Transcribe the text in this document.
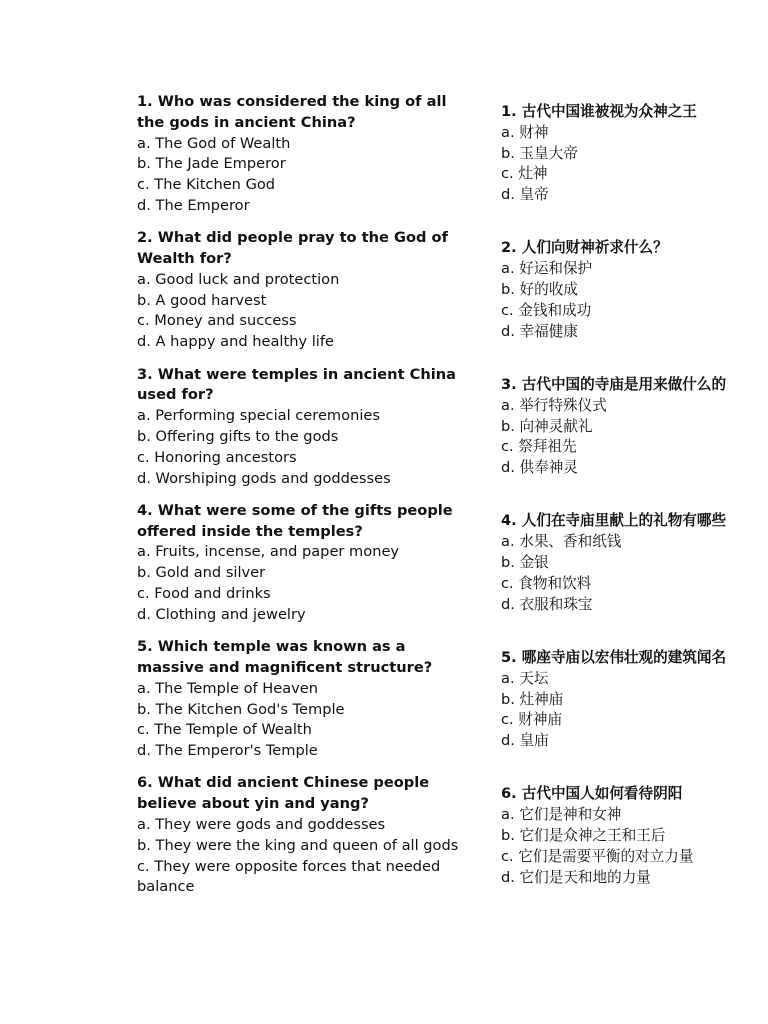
1. Who was considered the king of all the gods in ancient China?
a. The God of Wealth
b. The Jade Emperor
c. The Kitchen God
d. The Emperor
2. What did people pray to the God of Wealth for?
a. Good luck and protection
b. A good harvest
c. Money and success
d. A happy and healthy life
3. What were temples in ancient China used for?
a. Performing special ceremonies
b. Offering gifts to the gods
c. Honoring ancestors
d. Worshiping gods and goddesses
4. What were some of the gifts people offered inside the temples?
a. Fruits, incense, and paper money
b. Gold and silver
c. Food and drinks
d. Clothing and jewelry
5. Which temple was known as a massive and magnificent structure?
a. The Temple of Heaven
b. The Kitchen God's Temple
c. The Temple of Wealth
d. The Emperor's Temple
6. What did ancient Chinese people believe about yin and yang?
a. They were gods and goddesses
b. They were the king and queen of all gods
c. They were opposite forces that needed balance
1. 古代中国谁被视为众神之王
a. 财神
b. 玉皇大帝
c. 灶神
d. 皇帝
2. 人们向财神祈求什么？
a. 好运和保护
b. 好的收成
c. 金钱和成功
d. 幸福健康
3. 古代中国的寺庙是用来做什么的
a. 举行特殊仪式
b. 向神灵献礼
c. 祭拜祖先
d. 供奉神灵
4. 人们在寺庙里献上的礼物有哪些
a. 水果、香和纸钱
b. 金银
c. 食物和饮料
d. 衣服和珠宝
5. 哪座寺庙以宏伟壮观的建筑闻名
a. 天坛
b. 灶神庙
c. 财神庙
d. 皇庙
6. 古代中国人如何看待阴阳
a. 它们是神和女神
b. 它们是众神之王和王后
c. 它们是需要平衡的对立力量
d. 它们是天和地的力量
